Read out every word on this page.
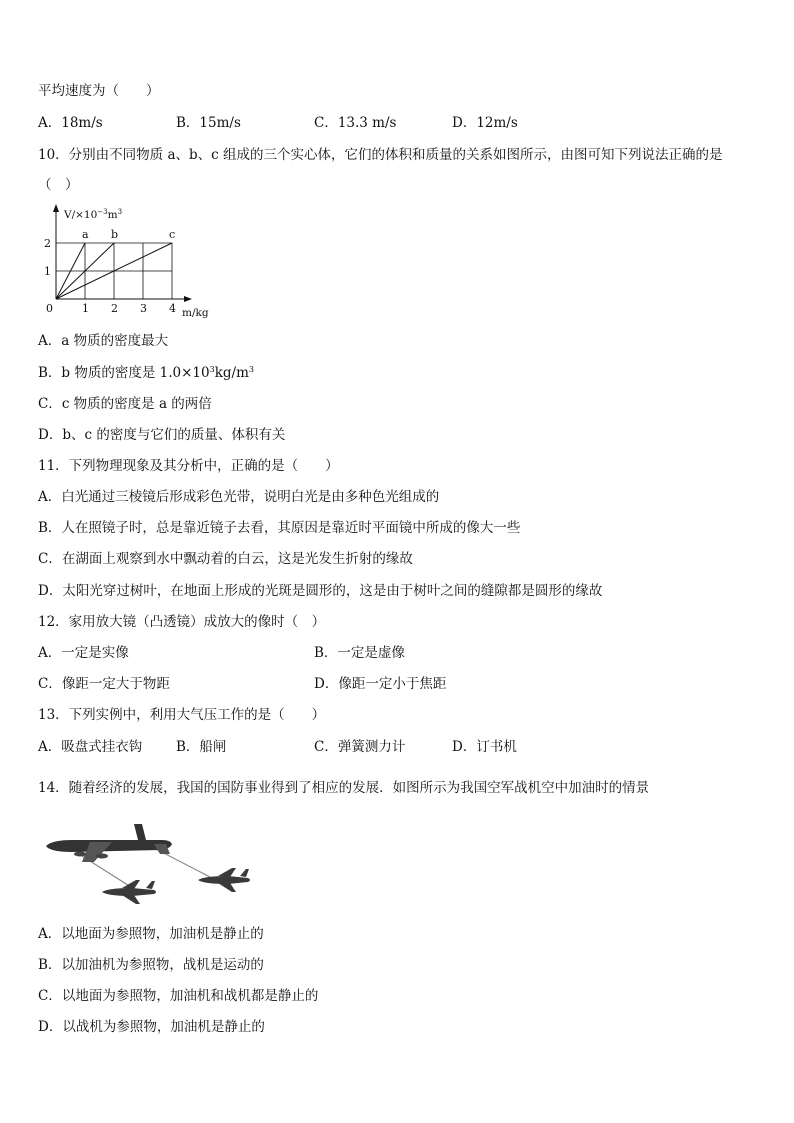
平均速度为（　　）
A．18m/s	B．15m/s	C．13.3 m/s	D．12m/s
10．分别由不同物质 a、b、c 组成的三个实心体，它们的体积和质量的关系如图所示，由图可知下列说法正确的是
（　）
$V/\times 10^{-3}m^3$
m/kg
0
1
2
1 2 3 4
a b	c
A．a 物质的密度最大
B．b 物质的密度是 $1.0\times 10^3kg/m^3$
C．c 物质的密度是 a 的两倍
D．b、c 的密度与它们的质量、体积有关
11．下列物理现象及其分析中，正确的是（　　）
A．白光通过三棱镜后形成彩色光带，说明白光是由多种色光组成的
B．人在照镜子时，总是靠近镜子去看，其原因是靠近时平面镜中所成的像大一些
C．在湖面上观察到水中飘动着的白云，这是光发生折射的缘故
D．太阳光穿过树叶，在地面上形成的光斑是圆形的，这是由于树叶之间的缝隙都是圆形的缘故
12．家用放大镜（凸透镜）成放大的像时（　）
A．一定是实像	B．一定是虚像
C．像距一定大于物距	D．像距一定小于焦距
13．下列实例中，利用大气压工作的是（　　）
A．吸盘式挂衣钩	B．船闸	C．弹簧测力计	D．订书机
14．随着经济的发展，我国的国防事业得到了相应的发展．如图所示为我国空军战机空中加油时的情景
A．以地面为参照物，加油机是静止的
B．以加油机为参照物，战机是运动的
C．以地面为参照物，加油机和战机都是静止的
D．以战机为参照物，加油机是静止的
